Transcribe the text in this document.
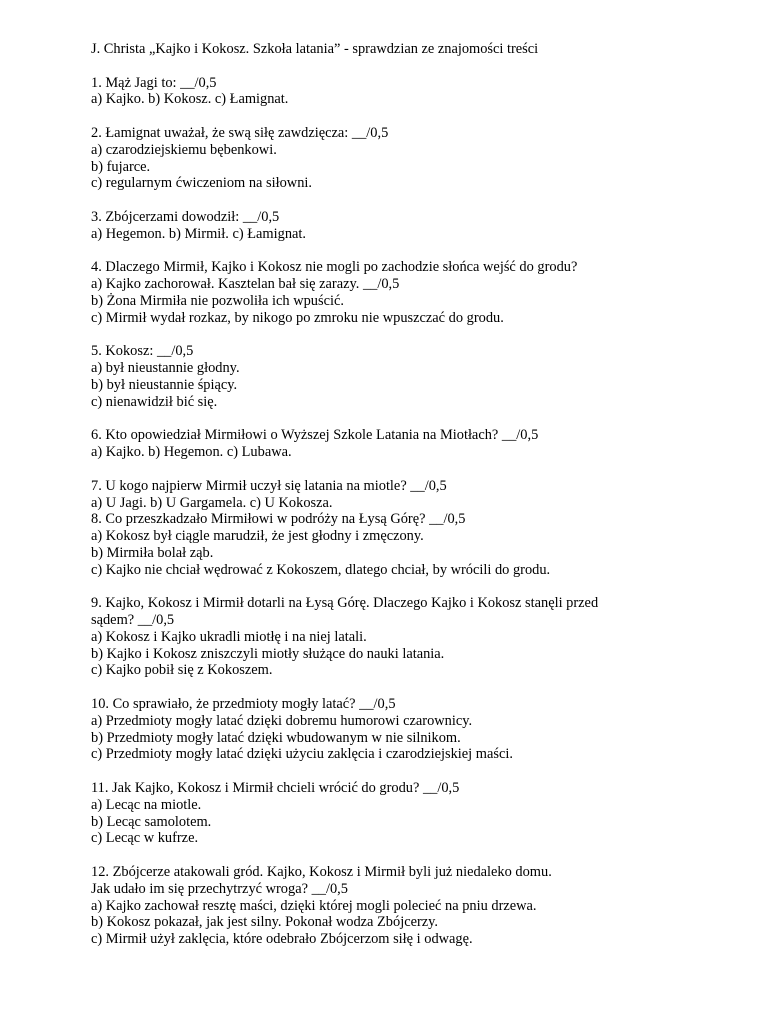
J. Christa „Kajko i Kokosz. Szkoła latania” - sprawdzian ze znajomości treści

1. Mąż Jagi to: __/0,5

a) Kajko. b) Kokosz. c) Łamignat.

2. Łamignat uważał, że swą siłę zawdzięcza: __/0,5

a) czarodziejskiemu bębenkowi.

b) fujarce.

c) regularnym ćwiczeniom na siłowni.

3. Zbójcerzami dowodził: __/0,5

a) Hegemon. b) Mirmił. c) Łamignat.

4. Dlaczego Mirmił, Kajko i Kokosz nie mogli po zachodzie słońca wejść do grodu?

a) Kajko zachorował. Kasztelan bał się zarazy. __/0,5

b) Żona Mirmiła nie pozwoliła ich wpuścić.

c) Mirmił wydał rozkaz, by nikogo po zmroku nie wpuszczać do grodu.

5. Kokosz: __/0,5

a) był nieustannie głodny.

b) był nieustannie śpiący.

c) nienawidził bić się.

6. Kto opowiedział Mirmiłowi o Wyższej Szkole Latania na Miotłach? __/0,5

a) Kajko. b) Hegemon. c) Lubawa.

7. U kogo najpierw Mirmił uczył się latania na miotle? __/0,5

a) U Jagi. b) U Gargamela. c) U Kokosza.

8. Co przeszkadzało Mirmiłowi w podróży na Łysą Górę? __/0,5

a) Kokosz był ciągle marudził, że jest głodny i zmęczony.

b) Mirmiła bolał ząb.

c) Kajko nie chciał wędrować z Kokoszem, dlatego chciał, by wrócili do grodu.

9. Kajko, Kokosz i Mirmił dotarli na Łysą Górę. Dlaczego Kajko i Kokosz stanęli przed

sądem? __/0,5

a) Kokosz i Kajko ukradli miotłę i na niej latali.

b) Kajko i Kokosz zniszczyli miotły służące do nauki latania.

c) Kajko pobił się z Kokoszem.

10. Co sprawiało, że przedmioty mogły latać? __/0,5

a) Przedmioty mogły latać dzięki dobremu humorowi czarownicy.

b) Przedmioty mogły latać dzięki wbudowanym w nie silnikom.

c) Przedmioty mogły latać dzięki użyciu zaklęcia i czarodziejskiej maści.

11. Jak Kajko, Kokosz i Mirmił chcieli wrócić do grodu? __/0,5

a) Lecąc na miotle.

b) Lecąc samolotem.

c) Lecąc w kufrze.

12. Zbójcerze atakowali gród. Kajko, Kokosz i Mirmił byli już niedaleko domu.

Jak udało im się przechytrzyć wroga? __/0,5

a) Kajko zachował resztę maści, dzięki której mogli polecieć na pniu drzewa.

b) Kokosz pokazał, jak jest silny. Pokonał wodza Zbójcerzy.

c) Mirmił użył zaklęcia, które odebrało Zbójcerzom siłę i odwagę.
